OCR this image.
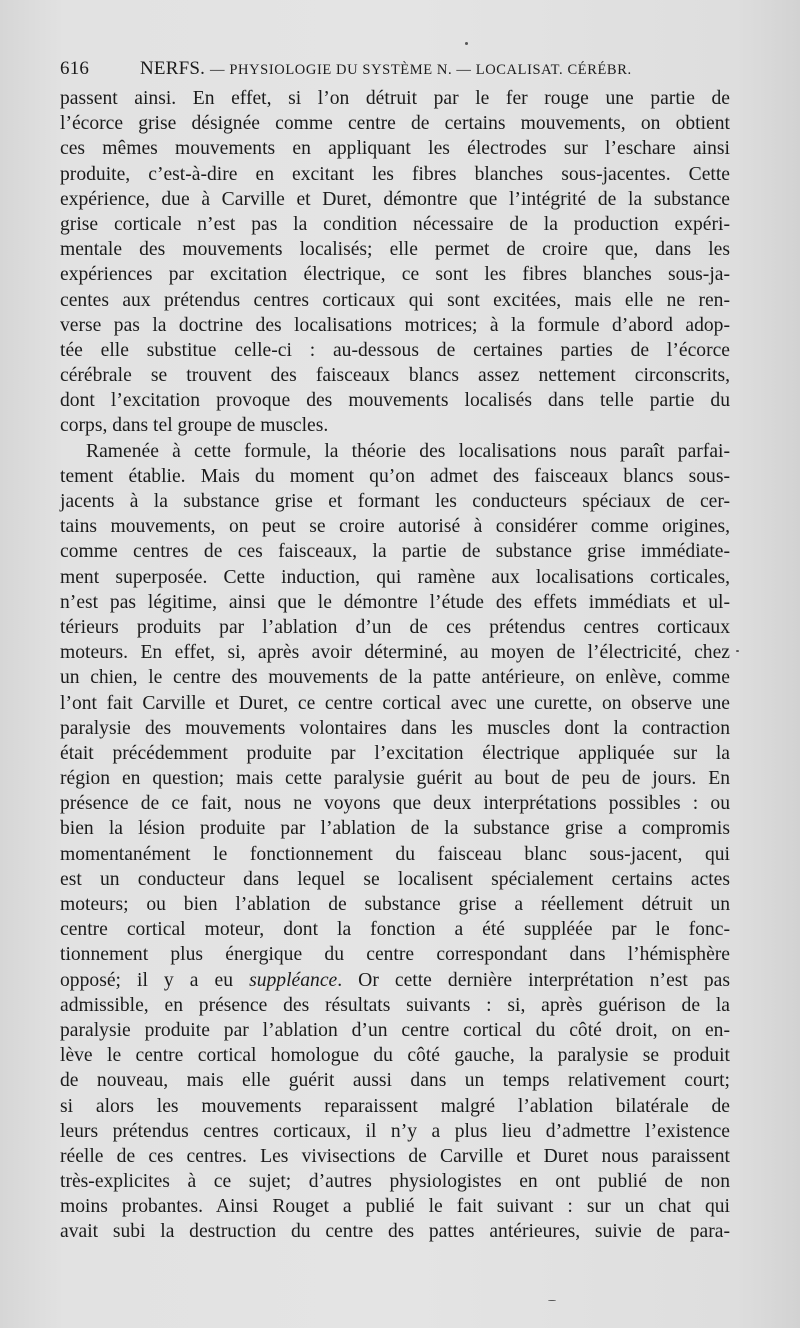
616	NERFS. — PHYSIOLOGIE DU SYSTÈME N. — LOCALISAT. CÉRÉBR.
passent ainsi. En effet, si l’on détruit par le fer rouge une partie de
l’écorce grise désignée comme centre de certains mouvements, on obtient
ces mêmes mouvements en appliquant les électrodes sur l’eschare ainsi
produite, c’est-à-dire en excitant les fibres blanches sous-jacentes. Cette
expérience, due à Carville et Duret, démontre que l’intégrité de la substance
grise corticale n’est pas la condition nécessaire de la production expéri-
mentale des mouvements localisés; elle permet de croire que, dans les
expériences par excitation électrique, ce sont les fibres blanches sous-ja-
centes aux prétendus centres corticaux qui sont excitées, mais elle ne ren-
verse pas la doctrine des localisations motrices; à la formule d’abord adop-
tée elle substitue celle-ci : au-dessous de certaines parties de l’écorce
cérébrale se trouvent des faisceaux blancs assez nettement circonscrits,
dont l’excitation provoque des mouvements localisés dans telle partie du
corps, dans tel groupe de muscles.
Ramenée à cette formule, la théorie des localisations nous paraît parfai-
tement établie. Mais du moment qu’on admet des faisceaux blancs sous-
jacents à la substance grise et formant les conducteurs spéciaux de cer-
tains mouvements, on peut se croire autorisé à considérer comme origines,
comme centres de ces faisceaux, la partie de substance grise immédiate-
ment superposée. Cette induction, qui ramène aux localisations corticales,
n’est pas légitime, ainsi que le démontre l’étude des effets immédiats et ul-
térieurs produits par l’ablation d’un de ces prétendus centres corticaux
moteurs. En effet, si, après avoir déterminé, au moyen de l’électricité, chez
un chien, le centre des mouvements de la patte antérieure, on enlève, comme
l’ont fait Carville et Duret, ce centre cortical avec une curette, on observe une
paralysie des mouvements volontaires dans les muscles dont la contraction
était précédemment produite par l’excitation électrique appliquée sur la
région en question; mais cette paralysie guérit au bout de peu de jours. En
présence de ce fait, nous ne voyons que deux interprétations possibles : ou
bien la lésion produite par l’ablation de la substance grise a compromis
momentanément le fonctionnement du faisceau blanc sous-jacent, qui
est un conducteur dans lequel se localisent spécialement certains actes
moteurs; ou bien l’ablation de substance grise a réellement détruit un
centre cortical moteur, dont la fonction a été suppléée par le fonc-
tionnement plus énergique du centre correspondant dans l’hémisphère
opposé; il y a eu suppléance. Or cette dernière interprétation n’est pas
admissible, en présence des résultats suivants : si, après guérison de la
paralysie produite par l’ablation d’un centre cortical du côté droit, on en-
lève le centre cortical homologue du côté gauche, la paralysie se produit
de nouveau, mais elle guérit aussi dans un temps relativement court;
si alors les mouvements reparaissent malgré l’ablation bilatérale de
leurs prétendus centres corticaux, il n’y a plus lieu d’admettre l’existence
réelle de ces centres. Les vivisections de Carville et Duret nous paraissent
très-explicites à ce sujet; d’autres physiologistes en ont publié de non
moins probantes. Ainsi Rouget a publié le fait suivant : sur un chat qui
avait subi la destruction du centre des pattes antérieures, suivie de para-
